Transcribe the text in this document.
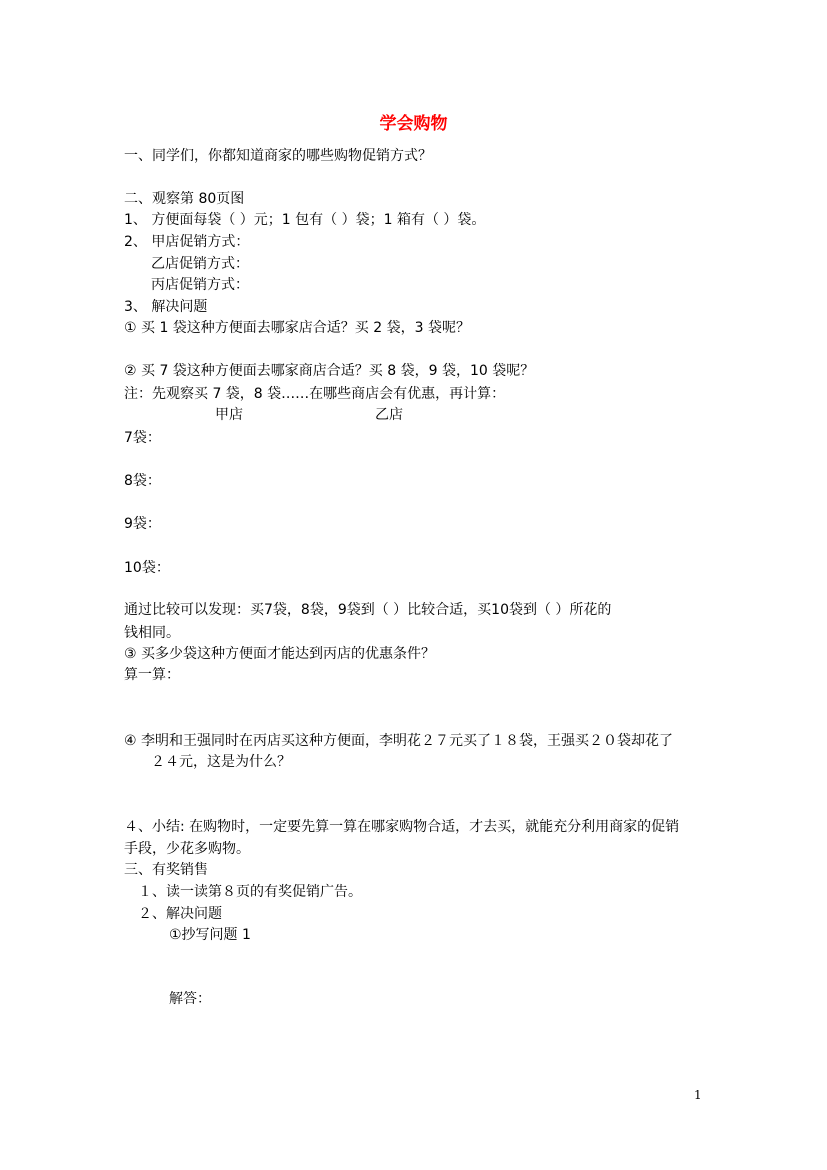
学会购物
一、同学们，你都知道商家的哪些购物促销方式？
二、观察第 80页图
1、 方便面每袋（ ）元；1 包有（ ）袋；1 箱有（ ）袋。
2、 甲店促销方式：
乙店促销方式：
丙店促销方式：
3、 解决问题
① 买 1 袋这种方便面去哪家店合适？买 2 袋，3 袋呢？
② 买 7 袋这种方便面去哪家商店合适？买 8 袋，9 袋，10 袋呢？
注：先观察买 7 袋，8 袋……在哪些商店会有优惠，再计算：
甲店	乙店
7袋：
8袋：
9袋：
10袋：
通过比较可以发现：买7袋，8袋，9袋到（ ）比较合适，买10袋到（ ）所花的
钱相同。
③ 买多少袋这种方便面才能达到丙店的优惠条件？
算一算：
④ 李明和王强同时在丙店买这种方便面，李明花２７元买了１８袋，王强买２０袋却花了
２４元，这是为什么？
４、小结: 在购物时，一定要先算一算在哪家购物合适，才去买，就能充分利用商家的促销
手段，少花多购物。
三、有奖销售
１、读一读第８页的有奖促销广告。
２、解决问题
①抄写问题 1
解答：
1
